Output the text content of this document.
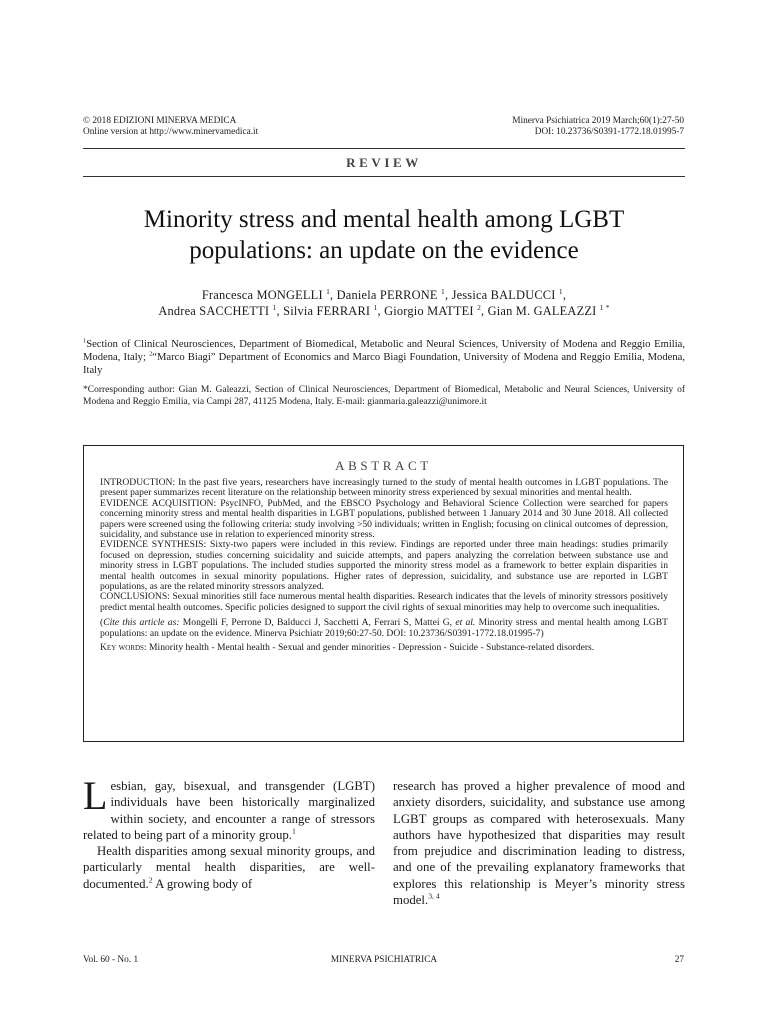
© 2018 EDIZIONI MINERVA MEDICA
Online version at http://www.minervamedica.it
Minerva Psichiatrica 2019 March;60(1):27-50
DOI: 10.23736/S0391-1772.18.01995-7
REVIEW
Minority stress and mental health among LGBT
populations: an update on the evidence
Francesca MONGELLI $^1$, Daniela PERRONE $^1$, Jessica BALDUCCI $^1$,
Andrea SACCHETTI $^1$, Silvia FERRARI $^1$, Giorgio MATTEI $^2$, Gian M. GALEAZZI $^{1 *}$
$^1$Section of Clinical Neurosciences, Department of Biomedical, Metabolic and Neural Sciences, University of Modena and Reggio Emilia, Modena, Italy; $^2$“Marco Biagi” Department of Economics and Marco Biagi Foundation, University of Modena and Reggio Emilia, Modena, Italy
*Corresponding author: Gian M. Galeazzi, Section of Clinical Neurosciences, Department of Biomedical, Metabolic and Neural Sciences, University of Modena and Reggio Emilia, via Campi 287, 41125 Modena, Italy. E-mail: gianmaria.galeazzi@unimore.it
ABSTRACT

INTRODUCTION: In the past five years, researchers have increasingly turned to the study of mental health outcomes in LGBT populations. The present paper summarizes recent literature on the relationship between minority stress experienced by sexual minorities and mental health.

EVIDENCE ACQUISITION: PsycINFO, PubMed, and the EBSCO Psychology and Behavioral Science Collection were searched for papers concerning minority stress and mental health disparities in LGBT populations, published between 1 January 2014 and 30 June 2018. All collected papers were screened using the following criteria: study involving >50 individuals; written in English; focusing on clinical outcomes of depression, suicidality, and substance use in relation to experienced minority stress.

EVIDENCE SYNTHESIS: Sixty-two papers were included in this review. Findings are reported under three main headings: studies primarily focused on depression, studies concerning suicidality and suicide attempts, and papers analyzing the correlation between substance use and minority stress in LGBT populations. The included studies supported the minority stress model as a framework to better explain disparities in mental health outcomes in sexual minority populations. Higher rates of depression, suicidality, and substance use are reported in LGBT populations, as are the related minority stressors analyzed.

CONCLUSIONS: Sexual minorities still face numerous mental health disparities. Research indicates that the levels of minority stressors positively predict mental health outcomes. Specific policies designed to support the civil rights of sexual minorities may help to overcome such inequalities.

(Cite this article as: Mongelli F, Perrone D, Balducci J, Sacchetti A, Ferrari S, Mattei G, et al. Minority stress and mental health among LGBT populations: an update on the evidence. Minerva Psichiatr 2019;60:27-50. DOI: 10.23736/S0391-1772.18.01995-7)

Key words: Minority health - Mental health - Sexual and gender minorities - Depression - Suicide - Substance-related disorders.

Lesbian, gay, bisexual, and transgender (LGBT) individuals have been historically marginalized within society, and encounter a range of stressors related to being part of a minority group.$^1$

Health disparities among sexual minority groups, and particularly mental health disparities, are well-documented.$^2$ A growing body of

research has proved a higher prevalence of mood and anxiety disorders, suicidality, and substance use among LGBT groups as compared with heterosexuals. Many authors have hypothesized that disparities may result from prejudice and discrimination leading to distress, and one of the prevailing explanatory frameworks that explores this relationship is Meyer’s minority stress model.$^{3, 4}$

Vol. 60 - No. 1	MINERVA PSICHIATRICA	27
